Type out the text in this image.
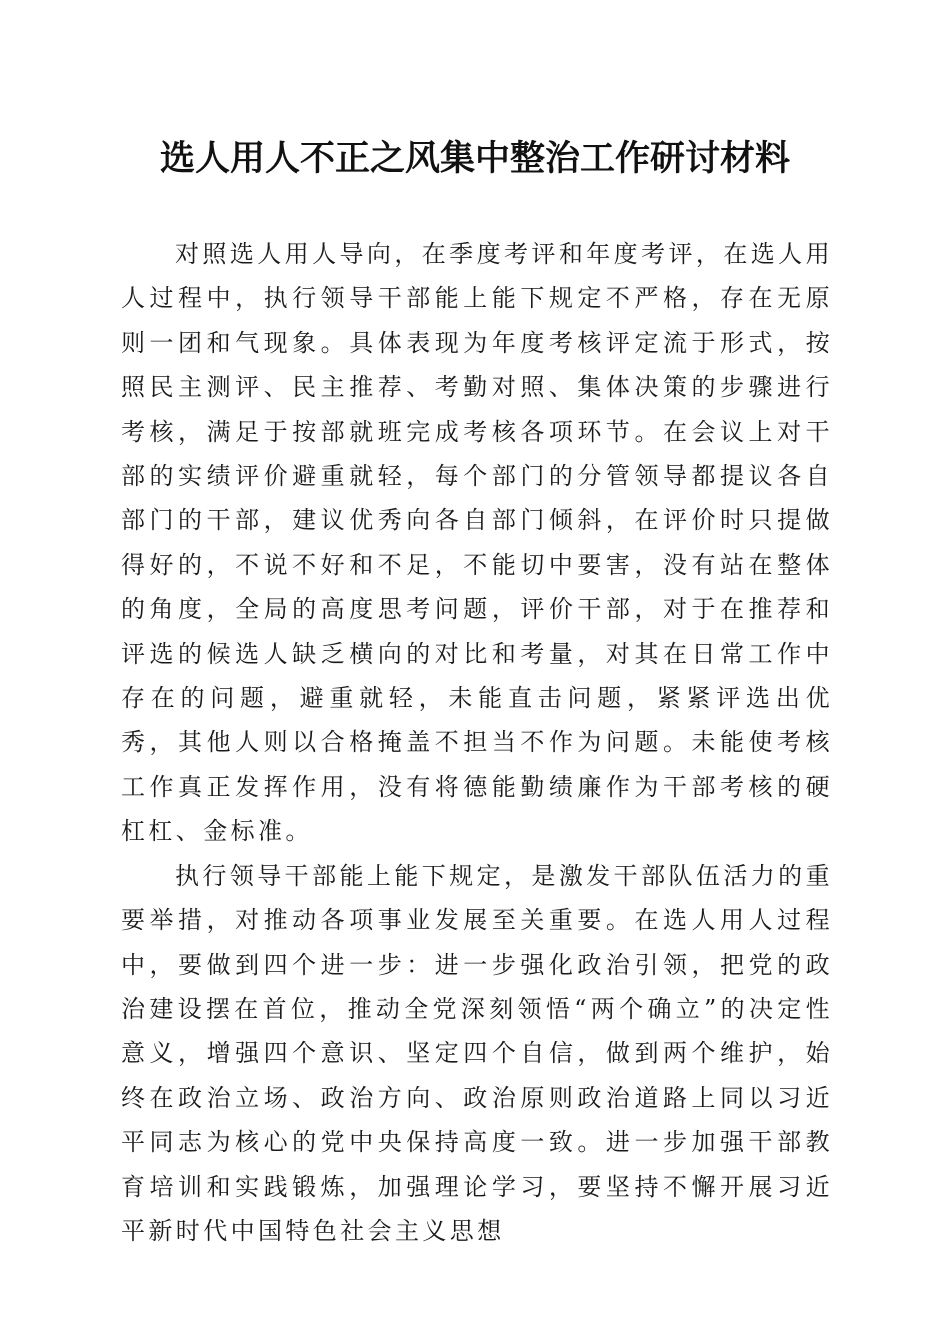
选人用人不正之风集中整治工作研讨材料

对照选人用人导向，在季度考评和年度考评，在选人用人过程中，执行领导干部能上能下规定不严格，存在无原则一团和气现象。具体表现为年度考核评定流于形式，按照民主测评、民主推荐、考勤对照、集体决策的步骤进行考核，满足于按部就班完成考核各项环节。在会议上对干部的实绩评价避重就轻，每个部门的分管领导都提议各自部门的干部，建议优秀向各自部门倾斜，在评价时只提做得好的，不说不好和不足，不能切中要害，没有站在整体的角度，全局的高度思考问题，评价干部，对于在推荐和评选的候选人缺乏横向的对比和考量，对其在日常工作中存在的问题，避重就轻，未能直击问题，紧紧评选出优秀，其他人则以合格掩盖不担当不作为问题。未能使考核工作真正发挥作用，没有将德能勤绩廉作为干部考核的硬杠杠、金标准。

执行领导干部能上能下规定，是激发干部队伍活力的重要举措，对推动各项事业发展至关重要。在选人用人过程中，要做到四个进一步：进一步强化政治引领，把党的政治建设摆在首位，推动全党深刻领悟“两个确立”的决定性意义，增强四个意识、坚定四个自信，做到两个维护，始终在政治立场、政治方向、政治原则政治道路上同以习近平同志为核心的党中央保持高度一致。进一步加强干部教育培训和实践锻炼，加强理论学习，要坚持不懈开展习近平新时代中国特色社会主义思想
